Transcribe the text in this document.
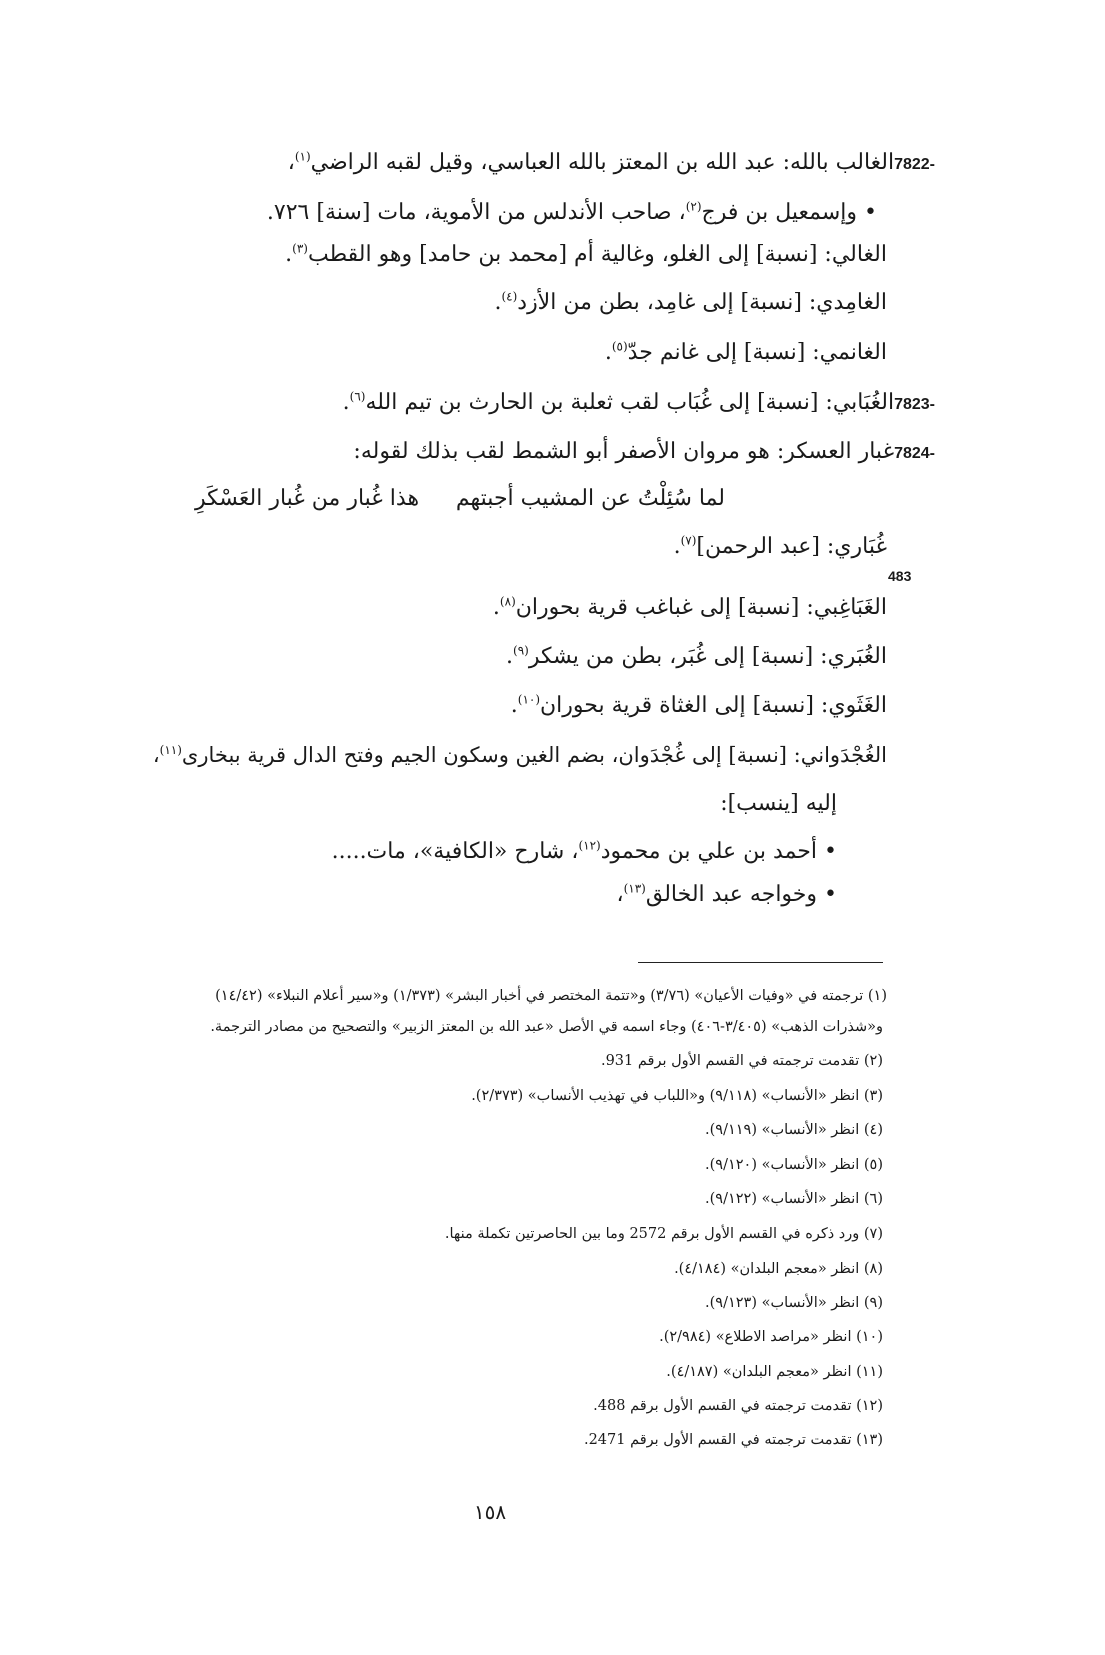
-7822الغالب بالله: عبد الله بن المعتز بالله العباسي، وقيل لقبه الراضي$^{(١)}$،
• وإسمعيل بن فرج$^{(٢)}$، صاحب الأندلس من الأموية، مات [سنة] ٧٢٦.
الغالي: [نسبة] إلى الغلو، وغالية أم [محمد بن حامد] وهو القطب$^{(٣)}$.
الغامِدي: [نسبة] إلى غامِد، بطن من الأزد$^{(٤)}$.
الغانمي: [نسبة] إلى غانم جدّ$^{(٥)}$.
-7823الغُبَابي: [نسبة] إلى غُبَاب لقب ثعلبة بن الحارث بن تيم الله$^{(٦)}$.
-7824غبار العسكر: هو مروان الأصفر أبو الشمط لقب بذلك لقوله:
لما سُئِلْتُ عن المشيب أجبتهم
هذا غُبار من غُبار العَسْكَرِ
غُبَاري: [عبد الرحمن]$^{(٧)}$.
483
الغَبَاغِبي: [نسبة] إلى غباغب قرية بحوران$^{(٨)}$.
الغُبَري: [نسبة] إلى غُبَر، بطن من يشكر$^{(٩)}$.
الغَثَوي: [نسبة] إلى الغثاة قرية بحوران$^{(١٠)}$.
الغُجْدَواني: [نسبة] إلى غُجْدَوان، بضم الغين وسكون الجيم وفتح الدال قرية ببخارى$^{(١١)}$،
إليه [ينسب]:
• أحمد بن علي بن محمود$^{(١٢)}$، شارح «الكافية»، مات.....
• وخواجه عبد الخالق$^{(١٣)}$،
(١) ترجمته في «وفيات الأعيان» (٣/٧٦) و«تتمة المختصر في أخبار البشر» (١/٣٧٣) و«سير أعلام النبلاء» (١٤/٤٢)
و«شذرات الذهب» (٣/٤٠٥-٤٠٦) وجاء اسمه قي الأصل «عبد الله بن المعتز الزبير» والتصحيح من مصادر الترجمة.
(٢) تقدمت ترجمته في القسم الأول برقم 931.
(٣) انظر «الأنساب» (٩/١١٨) و«اللباب في تهذيب الأنساب» (٢/٣٧٣).
(٤) انظر «الأنساب» (٩/١١٩).
(٥) انظر «الأنساب» (٩/١٢٠).
(٦) انظر «الأنساب» (٩/١٢٢).
(٧) ورد ذكره في القسم الأول برقم 2572 وما بين الحاصرتين تكملة منها.
(٨) انظر «معجم البلدان» (٤/١٨٤).
(٩) انظر «الأنساب» (٩/١٢٣).
(١٠) انظر «مراصد الاطلاع» (٢/٩٨٤).
(١١) انظر «معجم البلدان» (٤/١٨٧).
(١٢) تقدمت ترجمته في القسم الأول برقم 488.
(١٣) تقدمت ترجمته في القسم الأول برقم 2471.
١٥٨
